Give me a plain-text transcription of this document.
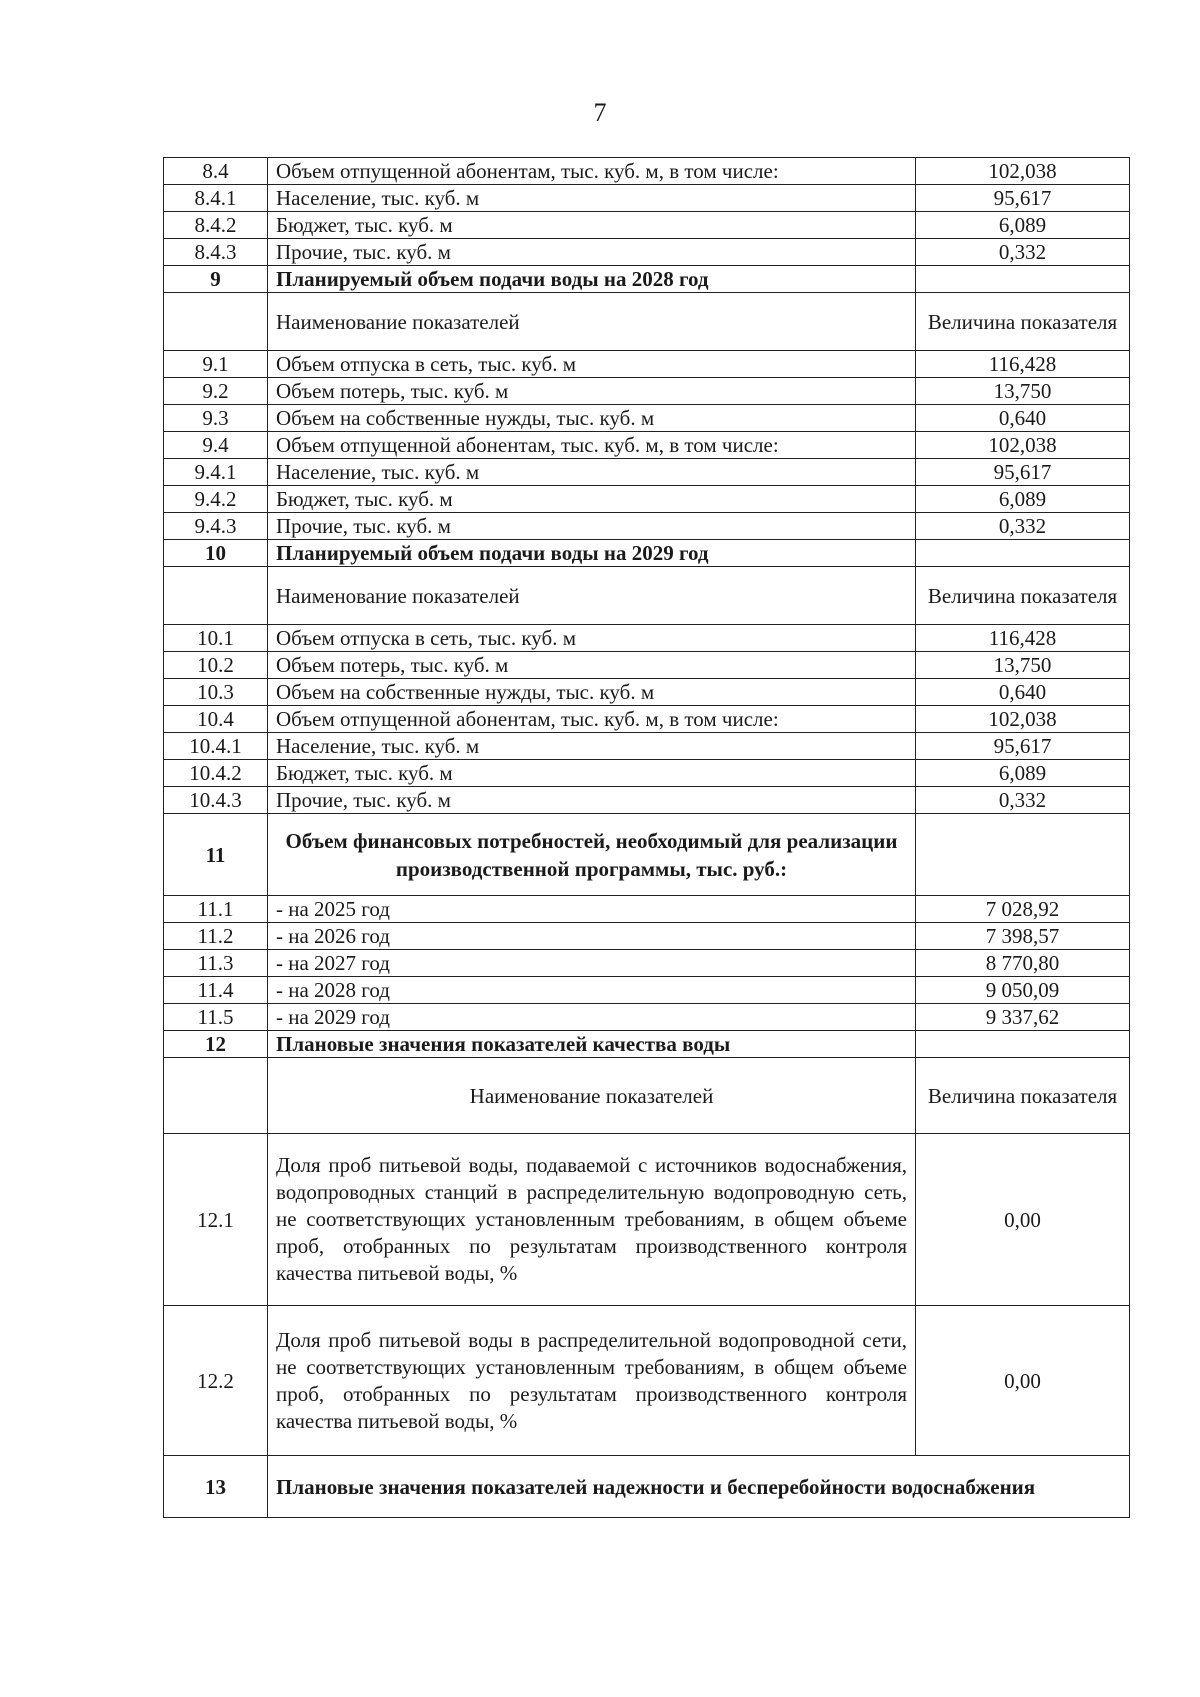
7
8.4	Объем отпущенной абонентам, тыс. куб. м, в том числе:	102,038
8.4.1	Население, тыс. куб. м	95,617
8.4.2	Бюджет, тыс. куб. м	6,089
8.4.3	Прочие, тыс. куб. м	0,332
9	Планируемый объем подачи воды на 2028 год	
	Наименование показателей	Величина показателя
9.1	Объем отпуска в сеть, тыс. куб. м	116,428
9.2	Объем потерь, тыс. куб. м	13,750
9.3	Объем на собственные нужды, тыс. куб. м	0,640
9.4	Объем отпущенной абонентам, тыс. куб. м, в том числе:	102,038
9.4.1	Население, тыс. куб. м	95,617
9.4.2	Бюджет, тыс. куб. м	6,089
9.4.3	Прочие, тыс. куб. м	0,332
10	Планируемый объем подачи воды на 2029 год	
	Наименование показателей	Величина показателя
10.1	Объем отпуска в сеть, тыс. куб. м	116,428
10.2	Объем потерь, тыс. куб. м	13,750
10.3	Объем на собственные нужды, тыс. куб. м	0,640
10.4	Объем отпущенной абонентам, тыс. куб. м, в том числе:	102,038
10.4.1	Население, тыс. куб. м	95,617
10.4.2	Бюджет, тыс. куб. м	6,089
10.4.3	Прочие, тыс. куб. м	0,332
11	Объем финансовых потребностей, необходимый для реализации производственной программы, тыс. руб.:	
11.1	- на 2025 год	7 028,92
11.2	- на 2026 год	7 398,57
11.3	- на 2027 год	8 770,80
11.4	- на 2028 год	9 050,09
11.5	- на 2029 год	9 337,62
12	Плановые значения показателей качества воды	
	Наименование показателей	Величина показателя
12.1	Доля проб питьевой воды, подаваемой с источников водоснабжения, водопроводных станций в распределительную водопроводную сеть, не соответствующих установленным требованиям, в общем объеме проб, отобранных по результатам производственного контроля качества питьевой воды, %	0,00
12.2	Доля проб питьевой воды в распределительной водопроводной сети, не соответствующих установленным требованиям, в общем объеме проб, отобранных по результатам производственного контроля качества питьевой воды, %	0,00
13	Плановые значения показателей надежности и бесперебойности водоснабжения	
